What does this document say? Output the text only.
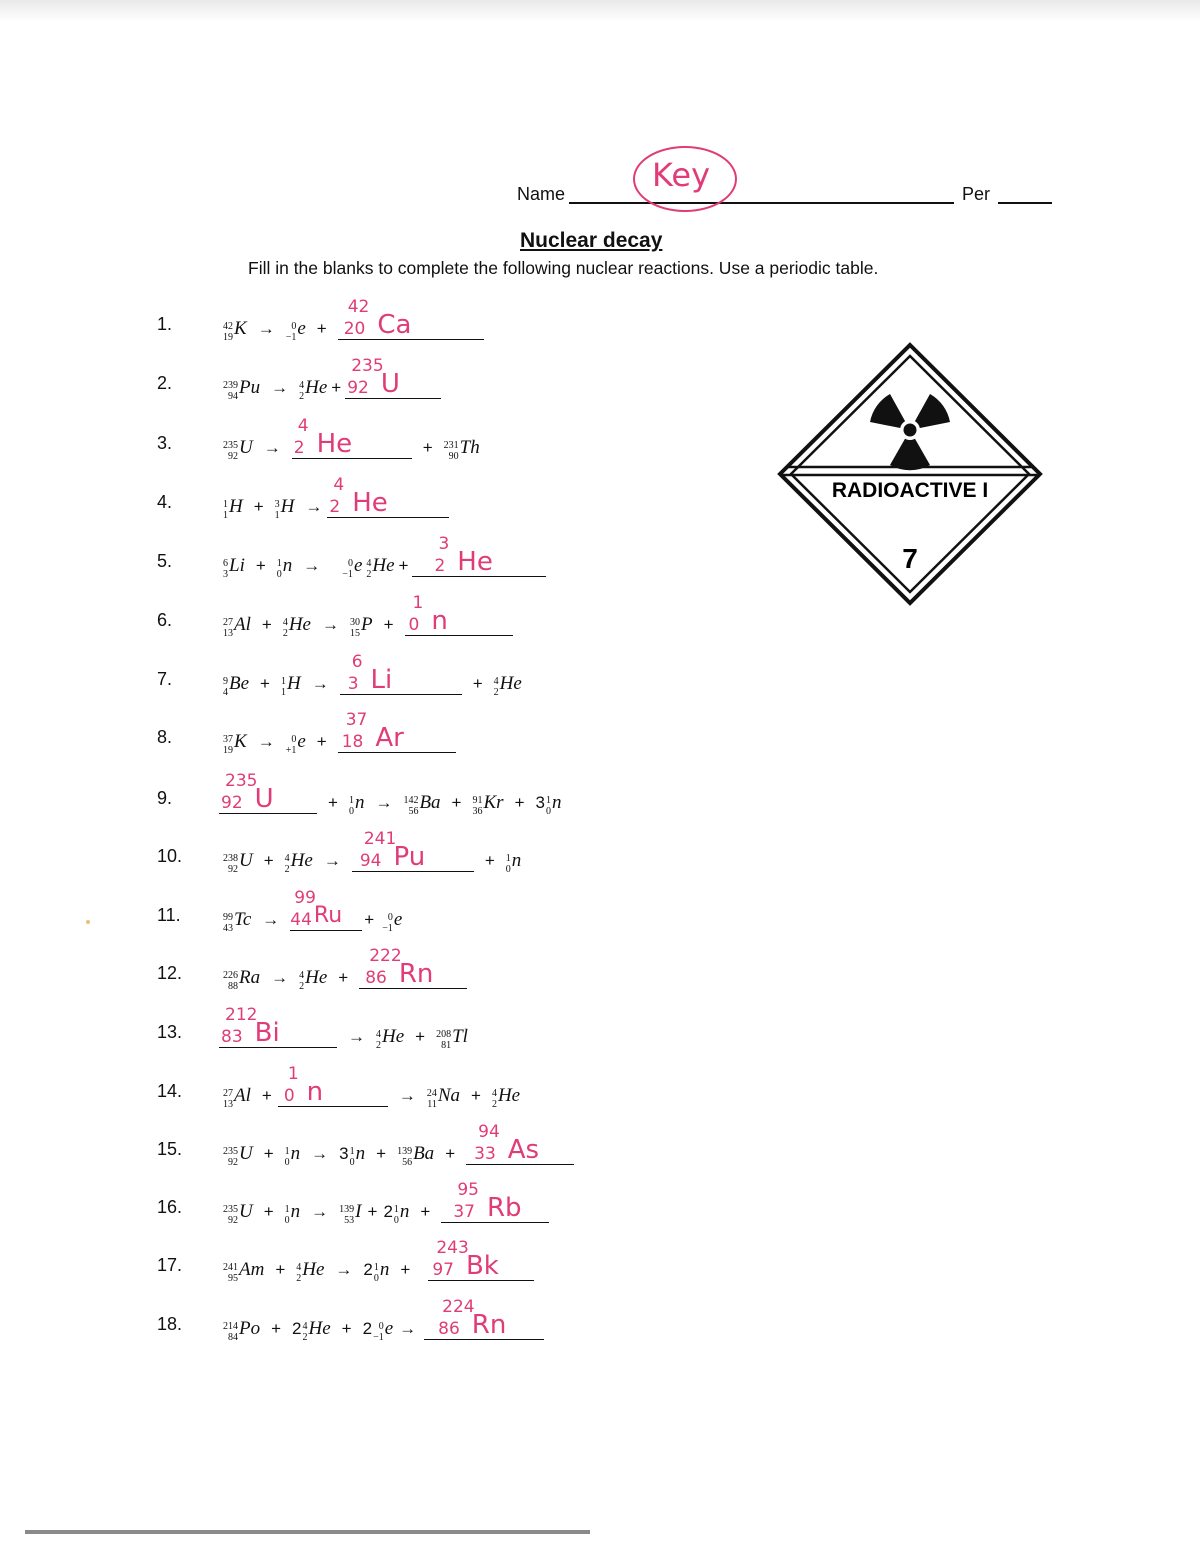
Name	Per
Key
Nuclear decay
Fill in the blanks to complete the following nuclear reactions. Use a periodic table.
RADIOACTIVE I
7
1.	42
19 K → 0
−1 e +
42
20 Ca
2.	239
94 Pu → 4
2 He +
235
92 U
3.	235
92 U →
4
2 He	+ 231
90 Th
4.	1
1 H + 3
1 H →
4
2 He
5.	6
3 Li + 1
0 n →	0
−1 e 4
2 He +
3
2 He
6.	27
13 Al + 4
2 He → 30
15 P +
1
0 n
7.	9
4 Be + 1
1 H →
6
3 Li	+ 4
2 He
8.	37
19 K → 0
+1 e +
37
18 Ar
9.
235
92 U	+ 1
0 n → 142
56 Ba + 91
36 Kr + 3 1
0 n
10.	238
92 U + 4
2 He →
241
94 Pu	+ 1
0 n
11.	99
43 Tc →
99
44 Ru + 0
−1 e
12.	226
88 Ra → 4
2 He +
222
86 Rn
13.
212
83 Bi	→ 4
2 He + 208
81 Tl
14.	27
13 Al +
1
0 n	→ 24
11 Na + 4
2 He
15.	235
92 U + 1
0 n → 3 1
0 n + 139
56 Ba +
94
33 As
16.	235
92 U + 1
0 n → 139
53 I + 2 1
0 n +
95
37 Rb
17.	241
95 Am + 4
2 He → 2 1
0 n +
243
97 Bk
18.	214
84 Po + 2 4
2 He + 2 0
−1 e →
224
86 Rn
